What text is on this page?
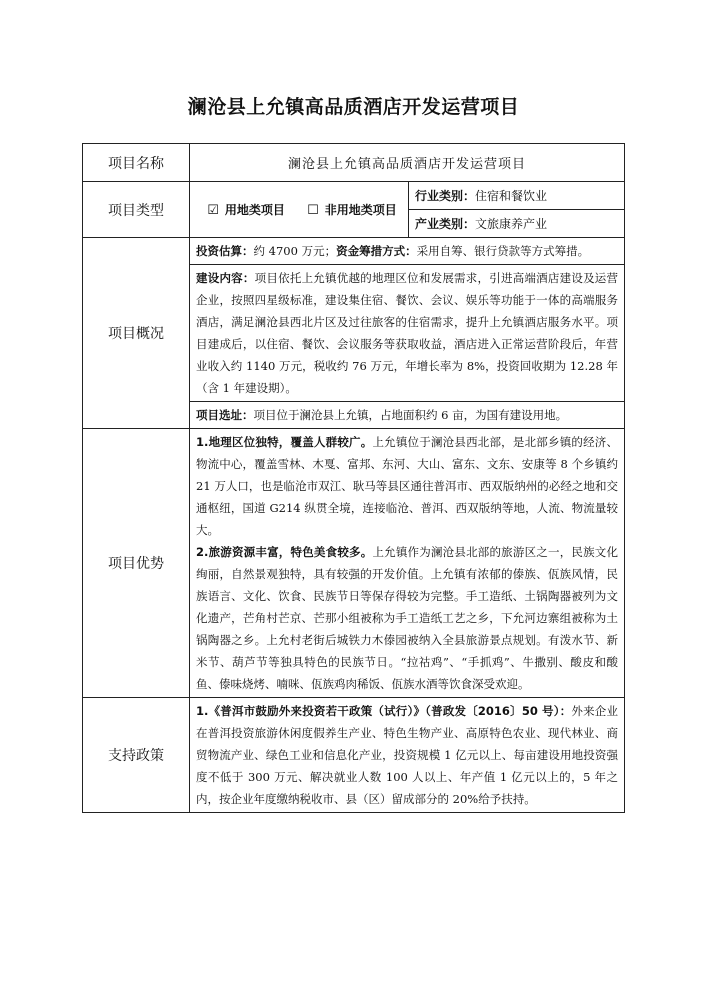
澜沧县上允镇高品质酒店开发运营项目
项目名称	澜沧县上允镇高品质酒店开发运营项目	
项目类型	☑ 用地类项目 ☐ 非用地类项目	行业类别：住宿和餐饮业
		产业类别：文旅康养产业
项目概况	投资估算：约 4700 万元；资金筹措方式：采用自筹、银行贷款等方式筹措。	
	建设内容：项目依托上允镇优越的地理区位和发展需求，引进高端酒店建设及运营企业，按照四星级标准，建设集住宿、餐饮、会议、娱乐等功能于一体的高端服务酒店，满足澜沧县西北片区及过往旅客的住宿需求，提升上允镇酒店服务水平。项目建成后，以住宿、餐饮、会议服务等获取收益，酒店进入正常运营阶段后，年营业收入约 1140 万元，税收约 76 万元，年增长率为 8%，投资回收期为 12.28 年（含 1 年建设期）。	
	项目选址：项目位于澜沧县上允镇，占地面积约 6 亩，为国有建设用地。	
项目优势	1.地理区位独特，覆盖人群较广。上允镇位于澜沧县西北部，是北部乡镇的经济、物流中心，覆盖雪林、木戛、富邦、东河、大山、富东、文东、安康等 8 个乡镇约 21 万人口，也是临沧市双江、耿马等县区通往普洱市、西双版纳州的必经之地和交通枢纽，国道 G214 纵贯全境，连接临沧、普洱、西双版纳等地，人流、物流量较大。
2.旅游资源丰富，特色美食较多。上允镇作为澜沧县北部的旅游区之一，民族文化绚丽，自然景观独特，具有较强的开发价值。上允镇有浓郁的傣族、佤族风情，民族语言、文化、饮食、民族节日等保存得较为完整。手工造纸、土锅陶器被列为文化遗产，芒角村芒京、芒那小组被称为手工造纸工艺之乡，下允河边寨组被称为土锅陶器之乡。上允村老街后城铁力木傣园被纳入全县旅游景点规划。有泼水节、新米节、葫芦节等独具特色的民族节日。“拉祜鸡”、“手抓鸡”、牛撒别、酸皮和酸鱼、傣味烧烤、喃咪、佤族鸡肉稀饭、佤族水酒等饮食深受欢迎。	
支持政策	1.《普洱市鼓励外来投资若干政策（试行）》（普政发〔2016〕50 号）：外来企业在普洱投资旅游休闲度假养生产业、特色生物产业、高原特色农业、现代林业、商贸物流产业、绿色工业和信息化产业，投资规模 1 亿元以上、每亩建设用地投资强度不低于 300 万元、解决就业人数 100 人以上、年产值 1 亿元以上的，5 年之内，按企业年度缴纳税收市、县（区）留成部分的 20%给予扶持。	
